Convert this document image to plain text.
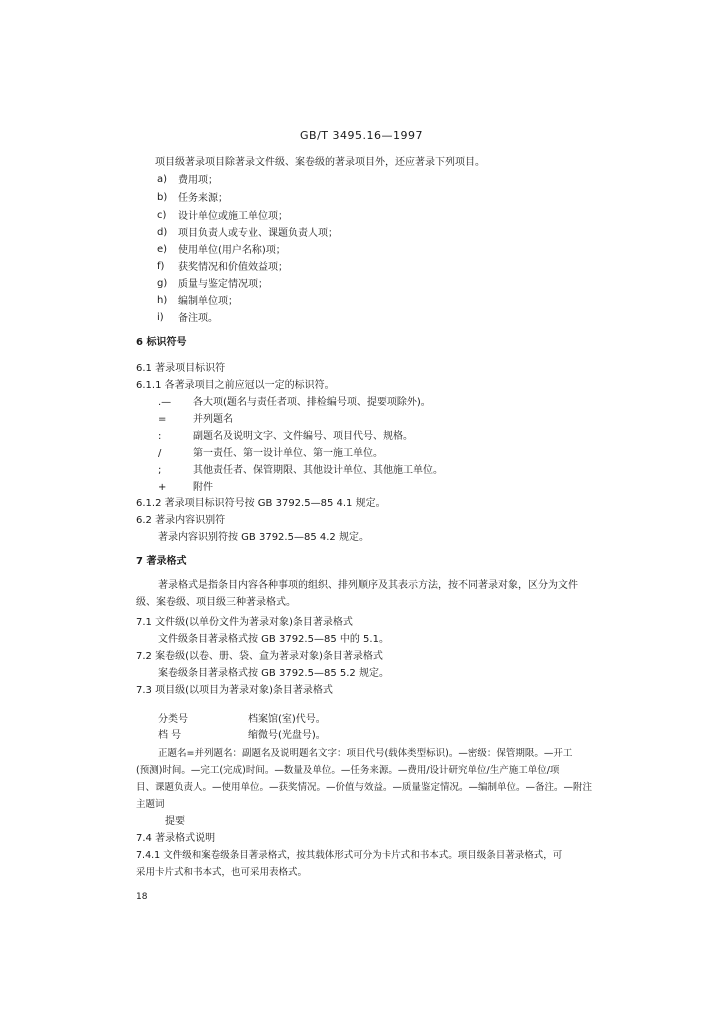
GB/T 3495.16—1997
项目级著录项目除著录文件级、案卷级的著录项目外，还应著录下列项目。
a) 费用项；
b) 任务来源；
c) 设计单位或施工单位项；
d) 项目负责人或专业、课题负责人项；
e) 使用单位(用户名称)项；
f) 获奖情况和价值效益项；
g) 质量与鉴定情况项；
h) 编制单位项；
i) 备注项。
6 标识符号
6.1 著录项目标识符
6.1.1 各著录项目之前应冠以一定的标识符。
.— 各大项(题名与责任者项、排检编号项、提要项除外)。
=	并列题名
:	副题名及说明文字、文件编号、项目代号、规格。
/	第一责任、第一设计单位、第一施工单位。
;	其他责任者、保管期限、其他设计单位、其他施工单位。
+	附件
6.1.2 著录项目标识符号按 GB 3792.5—85 4.1 规定。
6.2 著录内容识别符
著录内容识别符按 GB 3792.5—85 4.2 规定。
7 著录格式
著录格式是指条目内容各种事项的组织、排列顺序及其表示方法，按不同著录对象，区分为文件
级、案卷级、项目级三种著录格式。
7.1 文件级(以单份文件为著录对象)条目著录格式
文件级条目著录格式按 GB 3792.5—85 中的 5.1。
7.2 案卷级(以卷、册、袋、盒为著录对象)条目著录格式
案卷级条目著录格式按 GB 3792.5—85 5.2 规定。
7.3 项目级(以项目为著录对象)条目著录格式
分类号	档案馆(室)代号。
档 号	缩微号(光盘号)。
正题名=并列题名：副题名及说明题名文字：项目代号(载体类型标识)。—密级：保管期限。—开工
(预测)时间。—完工(完成)时间。—数量及单位。—任务来源。—费用/设计研究单位/生产施工单位/项
目、课题负责人。—使用单位。—获奖情况。—价值与效益。—质量鉴定情况。—编制单位。—备注。—附注
主题词
提要
7.4 著录格式说明
7.4.1 文件级和案卷级条目著录格式，按其载体形式可分为卡片式和书本式。项目级条目著录格式，可
采用卡片式和书本式，也可采用表格式。
18
